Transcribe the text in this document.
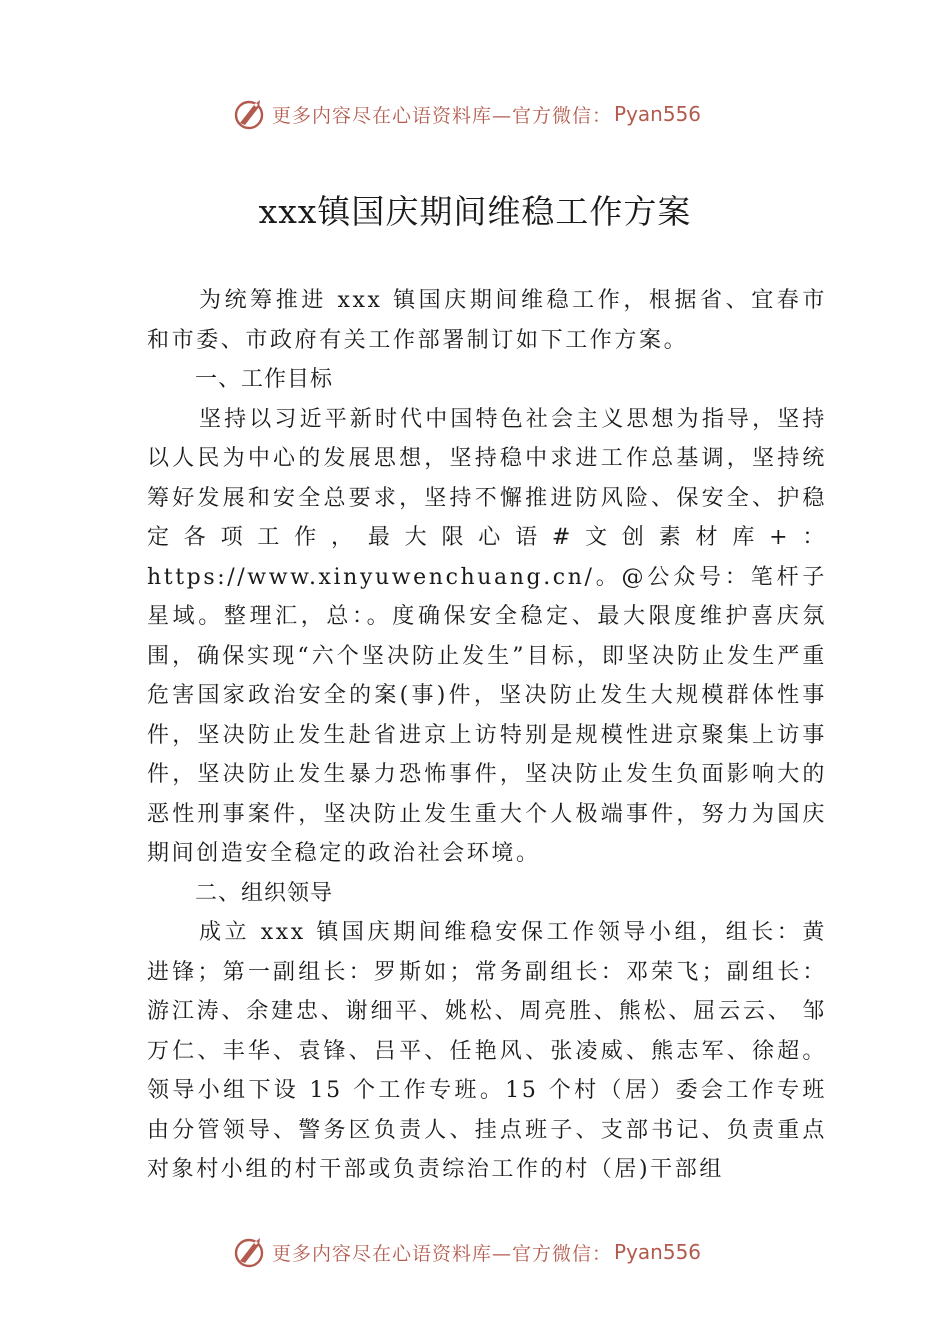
更多内容尽在心语资料库—官方微信： Pyan556
xxx镇国庆期间维稳工作方案

为统筹推进 xxx 镇国庆期间维稳工作，根据省、宜春市和市委、市政府有关工作部署制订如下工作方案。

一、工作目标

坚持以习近平新时代中国特色社会主义思想为指导，坚持以人民为中心的发展思想，坚持稳中求进工作总基调，坚持统筹好发展和安全总要求，坚持不懈推进防风险、保安全、护稳定各项工作，最大限心语#文创素材库+：https://www.xinyuwenchuang.cn/。@公众号：笔杆子星域。整理汇，总：。度确保安全稳定、最大限度维护喜庆氛围，确保实现“六个坚决防止发生”目标，即坚决防止发生严重危害国家政治安全的案(事)件，坚决防止发生大规模群体性事件，坚决防止发生赴省进京上访特别是规模性进京聚集上访事件，坚决防止发生暴力恐怖事件，坚决防止发生负面影响大的恶性刑事案件，坚决防止发生重大个人极端事件，努力为国庆期间创造安全稳定的政治社会环境。

二、组织领导

成立 xxx 镇国庆期间维稳安保工作领导小组，组长：黄进锋；第一副组长：罗斯如；常务副组长：邓荣飞；副组长：游江涛、余建忠、谢细平、姚松、周亮胜、熊松、屈云云、 邹万仁、丰华、袁锋、吕平、任艳风、张凌威、熊志军、徐超。领导小组下设 15 个工作专班。15 个村（居）委会工作专班由分管领导、警务区负责人、挂点班子、支部书记、负责重点对象村小组的村干部或负责综治工作的村（居)干部组

更多内容尽在心语资料库—官方微信： Pyan556
